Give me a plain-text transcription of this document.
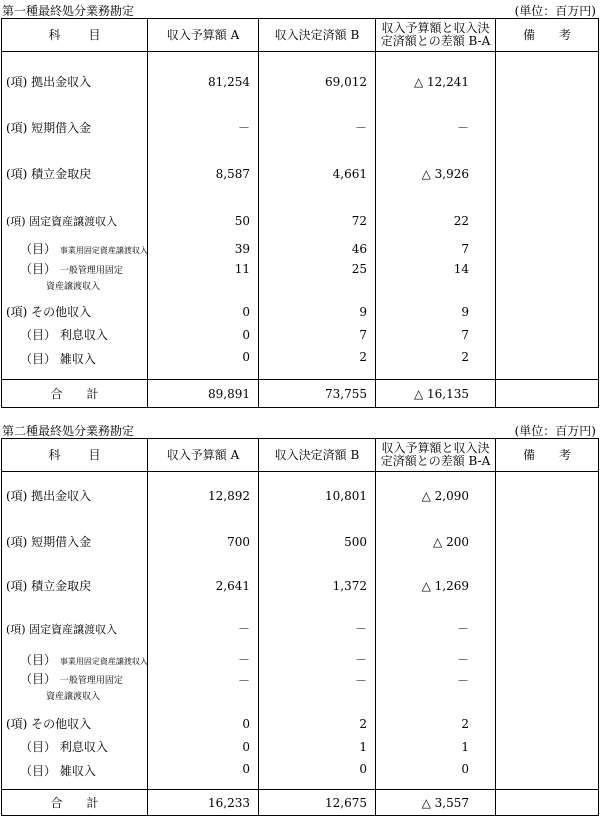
第一種最終処分業務勘定	(単位：百万円)
科目	収入予算額 A	収入決定済額 B	収入予算額と収入決
定済額との差額 B-A	備考
(項) 拠出金収入	81,254	69,012	△ 12,241	
(項) 短期借入金	－	－	－	
(項) 積立金取戻	8,587	4,661	△ 3,926	
(項) 固定資産譲渡収入	50	72	22	
（目） 事業用固定資産譲渡収入	39	46	7	
（目） 一般管理用固定
資産譲渡収入	11	25	14	
(項) その他収入	0	9	9	
（目） 利息収入	0	7	7	
（目） 雑収入	0	2	2	
合計	89,891	73,755	△ 16,135	
第二種最終処分業務勘定	(単位：百万円)
科目	収入予算額 A	収入決定済額 B	収入予算額と収入決
定済額との差額 B-A	備考
(項) 拠出金収入	12,892	10,801	△ 2,090	
(項) 短期借入金	700	500	△ 200	
(項) 積立金取戻	2,641	1,372	△ 1,269	
(項) 固定資産譲渡収入	－	－	－	
（目） 事業用固定資産譲渡収入	－	－	－	
（目） 一般管理用固定
資産譲渡収入	－	－	－	
(項) その他収入	0	2	2	
（目） 利息収入	0	1	1	
（目） 雑収入	0	0	0	
合計	16,233	12,675	△ 3,557	
